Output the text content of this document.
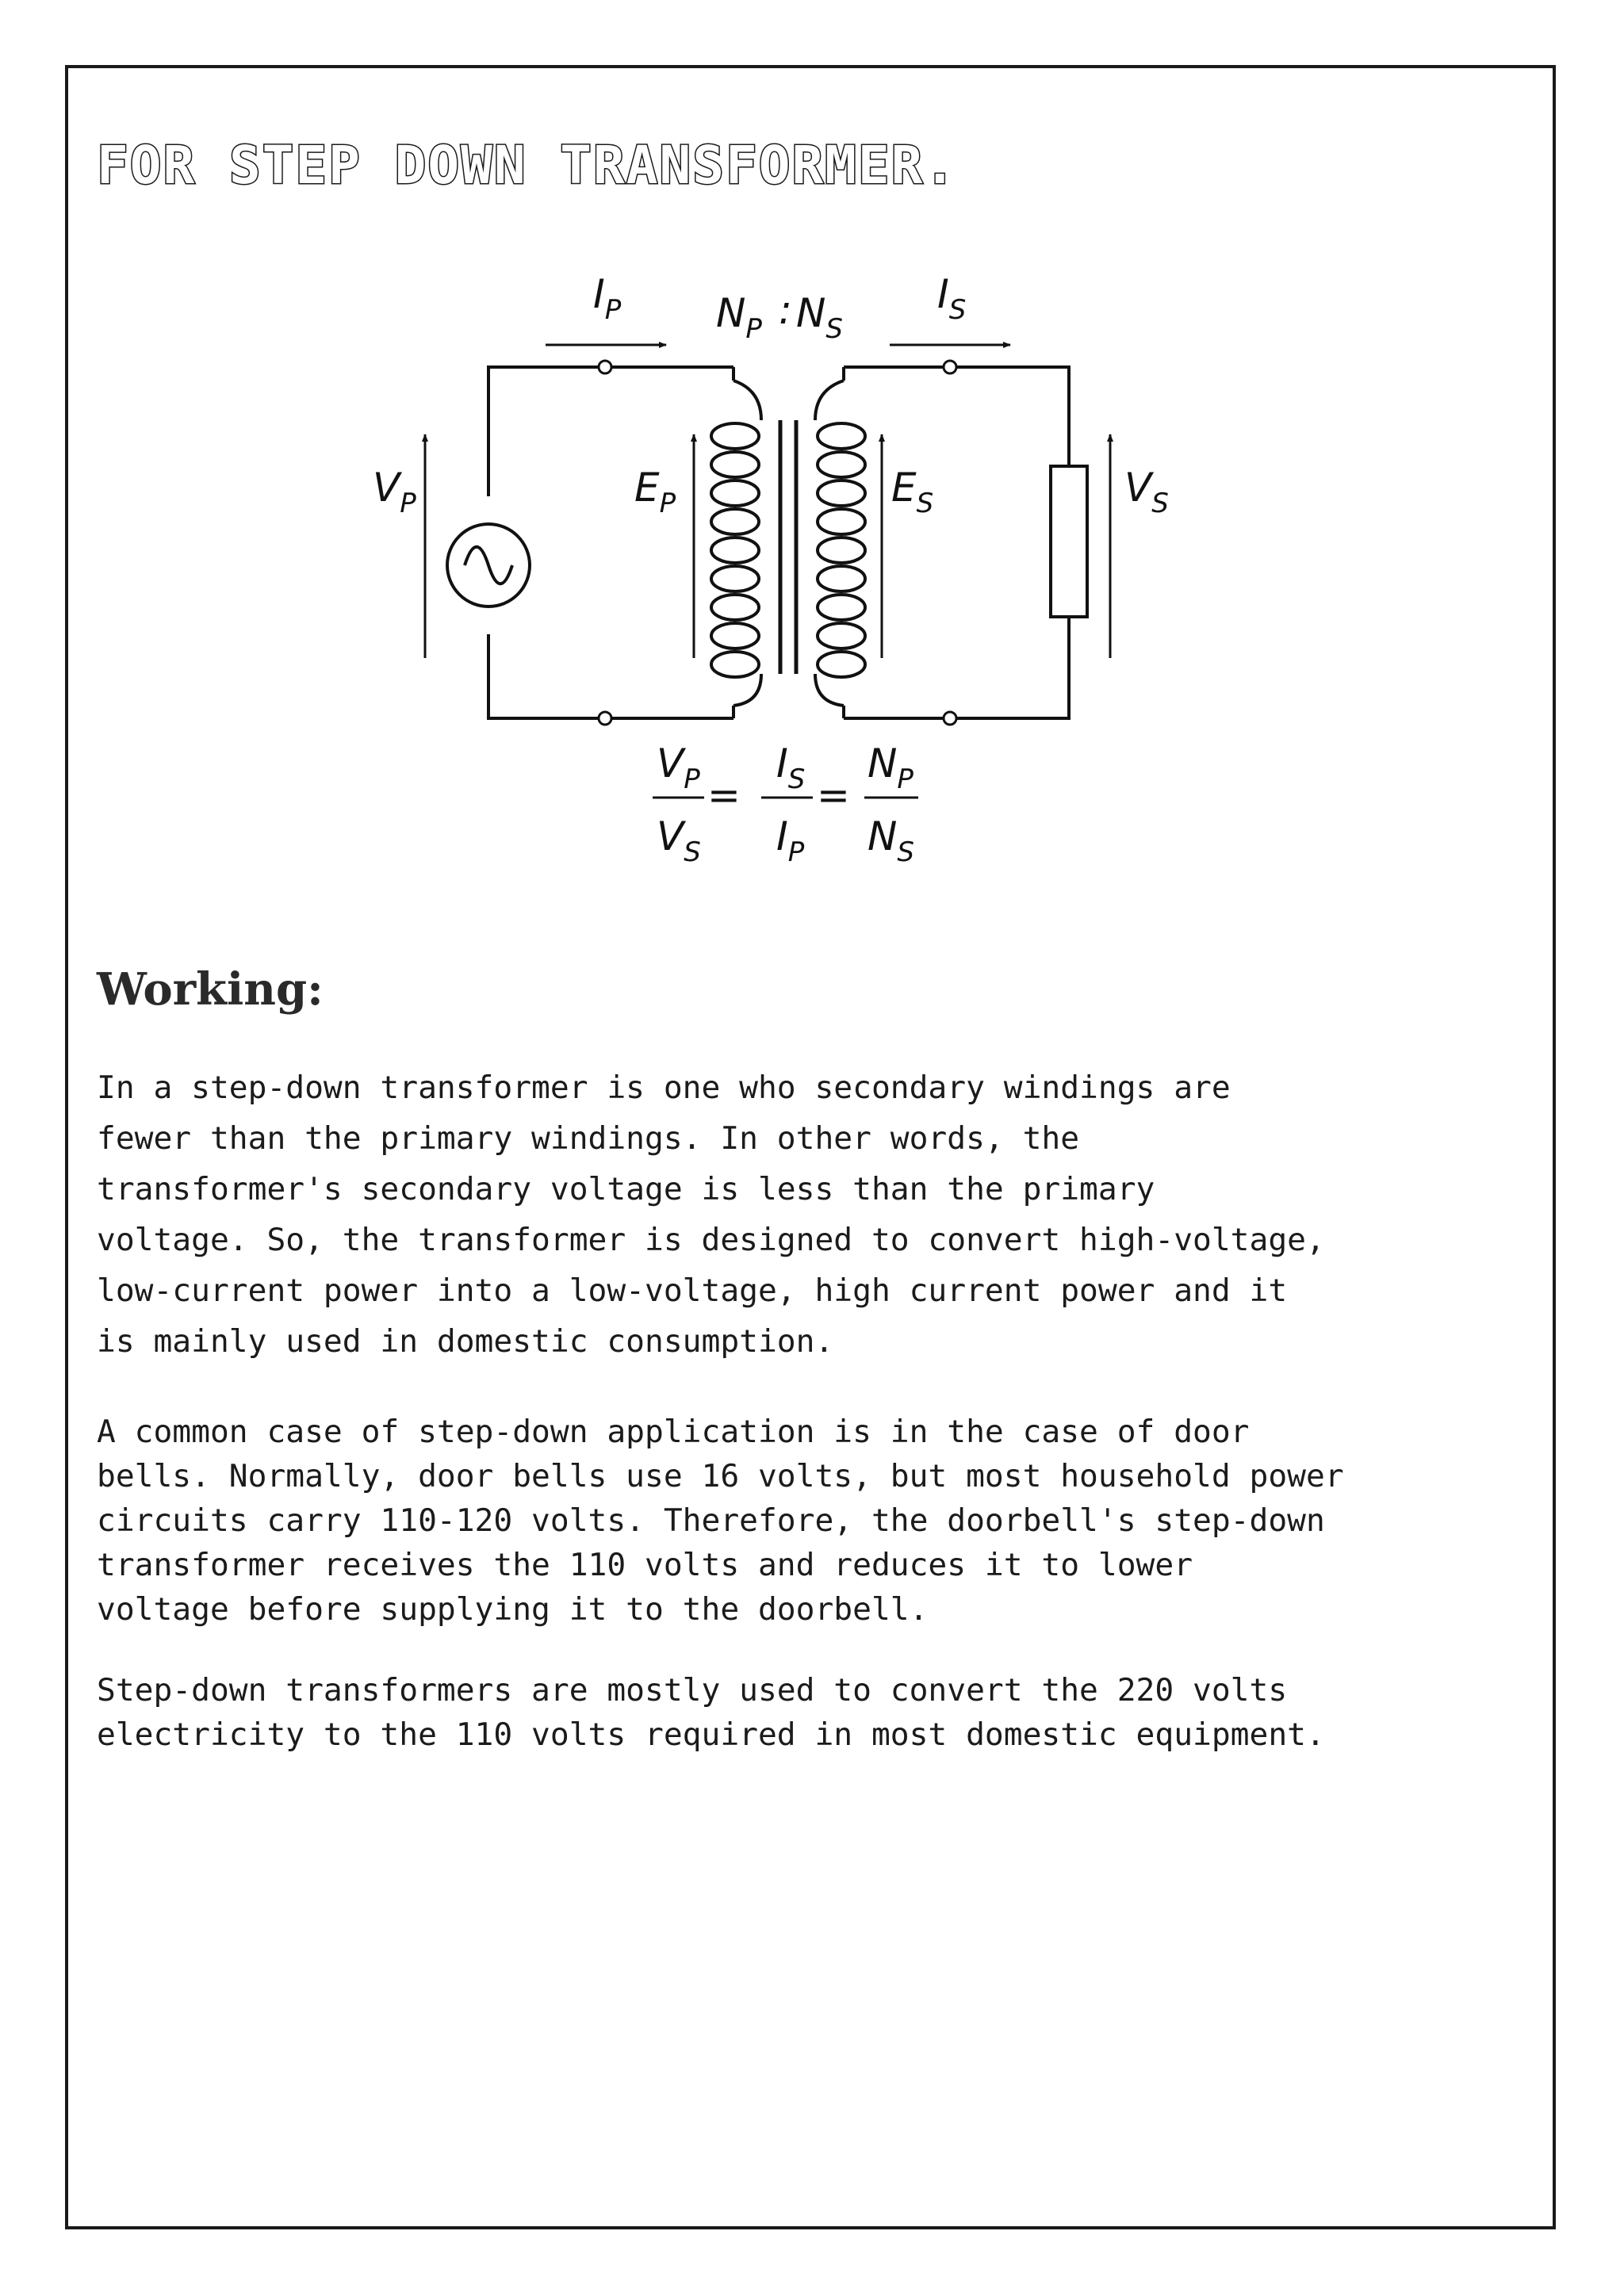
FOR STEP DOWN TRANSFORMER.
$I_P$ $N_P$ : $N_S$
$I_S$
$V_P$	$E_P$	$E_S$	$V_S$
$V_P$
$V_S$
=
$I_S$
$I_P$
=
$N_P$
$N_S$
Working:

In a step-down transformer is one who secondary windings are
fewer than the primary windings. In other words, the
transformer's secondary voltage is less than the primary
voltage. So, the transformer is designed to convert high-voltage,
low-current power into a low-voltage, high current power and it
is mainly used in domestic consumption.

A common case of step-down application is in the case of door
bells. Normally, door bells use 16 volts, but most household power
circuits carry 110-120 volts. Therefore, the doorbell's step-down
transformer receives the 110 volts and reduces it to lower
voltage before supplying it to the doorbell.

Step-down transformers are mostly used to convert the 220 volts
electricity to the 110 volts required in most domestic equipment.
